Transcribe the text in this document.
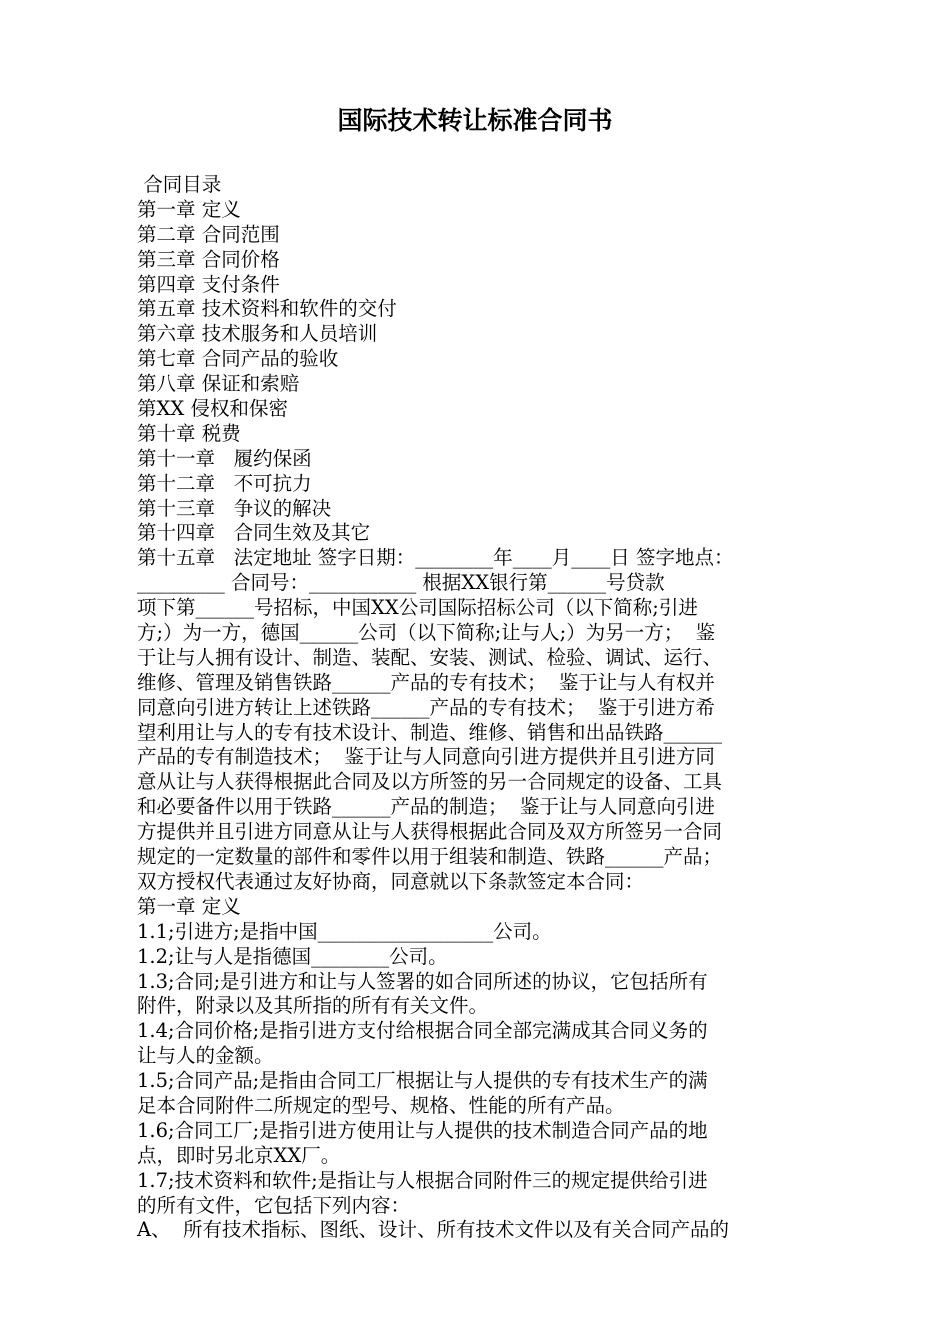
国际技术转让标准合同书
合同目录
第一章 定义
第二章 合同范围
第三章 合同价格
第四章 支付条件
第五章 技术资料和软件的交付
第六章 技术服务和人员培训
第七章 合同产品的验收
第八章 保证和索赔
第XX 侵权和保密
第十章 税费
第十一章   履约保函
第十二章   不可抗力
第十三章   争议的解决
第十四章   合同生效及其它
第十五章   法定地址 签字日期：________年____月____日 签字地点：
_________ 合同号：___________ 根据XX银行第______号贷款
项下第______号招标，中国XX公司国际招标公司（以下简称;引进
方;）为一方，德国______公司（以下简称;让与人;）为另一方；  鉴
于让与人拥有设计、制造、装配、安装、测试、检验、调试、运行、
维修、管理及销售铁路______产品的专有技术；  鉴于让与人有权并
同意向引进方转让上述铁路______产品的专有技术；  鉴于引进方希
望利用让与人的专有技术设计、制造、维修、销售和出品铁路______
产品的专有制造技术；  鉴于让与人同意向引进方提供并且引进方同
意从让与人获得根据此合同及以方所签的另一合同规定的设备、工具
和必要备件以用于铁路______产品的制造；  鉴于让与人同意向引进
方提供并且引进方同意从让与人获得根据此合同及双方所签另一合同
规定的一定数量的部件和零件以用于组装和制造、铁路______产品；
双方授权代表通过友好协商，同意就以下条款签定本合同：
第一章 定义
1.1;引进方;是指中国__________________公司。
1.2;让与人是指德国________公司。
1.3;合同;是引进方和让与人签署的如合同所述的协议，它包括所有
附件，附录以及其所指的所有有关文件。
1.4;合同价格;是指引进方支付给根据合同全部完满成其合同义务的
让与人的金额。
1.5;合同产品;是指由合同工厂根据让与人提供的专有技术生产的满
足本合同附件二所规定的型号、规格、性能的所有产品。
1.6;合同工厂;是指引进方使用让与人提供的技术制造合同产品的地
点，即时另北京XX厂。
1.7;技术资料和软件;是指让与人根据合同附件三的规定提供给引进
的所有文件，它包括下列内容：
A、  所有技术指标、图纸、设计、所有技术文件以及有关合同产品的
